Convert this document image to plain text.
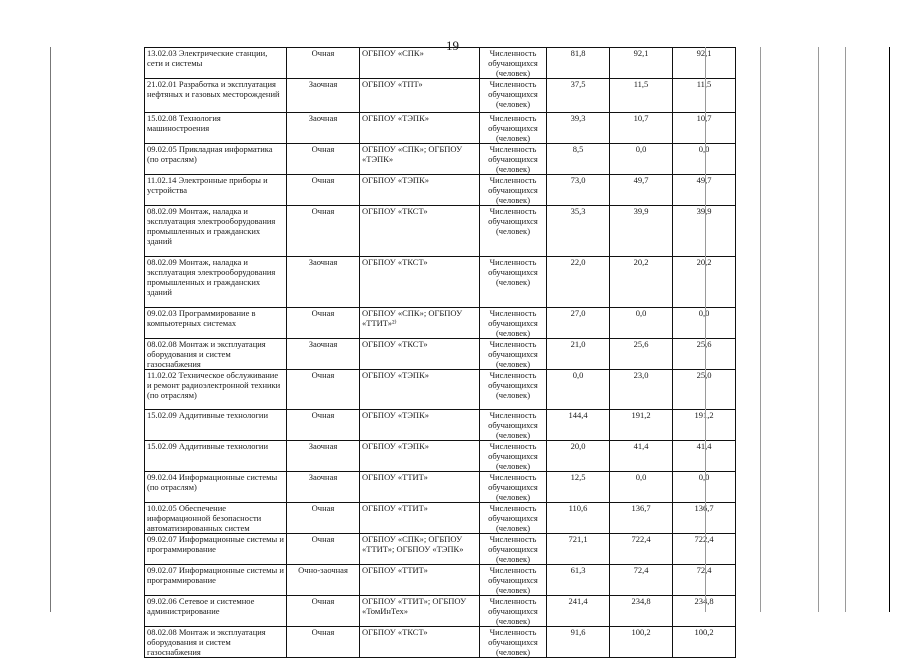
19
13.02.03 Электрические станции, сети и системы	Очная	ОГБПОУ «СПК»	Численность обучающихся (человек)	81,8	92,1	92,1
21.02.01 Разработка и эксплуатация нефтяных и газовых месторождений	Заочная	ОГБПОУ «ТПТ»	Численность обучающихся (человек)	37,5	11,5	11,5
15.02.08 Технология машиностроения	Заочная	ОГБПОУ «ТЭПК»	Численность обучающихся (человек)	39,3	10,7	10,7
09.02.05 Прикладная информатика (по отраслям)	Очная	ОГБПОУ «СПК»; ОГБПОУ «ТЭПК»	Численность обучающихся (человек)	8,5	0,0	0,0
11.02.14 Электронные приборы и устройства	Очная	ОГБПОУ «ТЭПК»	Численность обучающихся (человек)	73,0	49,7	49,7
08.02.09 Монтаж, наладка и эксплуатация электрооборудования промышленных и гражданских зданий	Очная	ОГБПОУ «ТКСТ»	Численность обучающихся (человек)	35,3	39,9	39,9
08.02.09 Монтаж, наладка и эксплуатация электрооборудования промышленных и гражданских зданий	Заочная	ОГБПОУ «ТКСТ»	Численность обучающихся (человек)	22,0	20,2	20,2
09.02.03 Программирование в компьютерных системах	Очная	ОГБПОУ «СПК»; ОГБПОУ «ТТИТ»²⁾	Численность обучающихся (человек)	27,0	0,0	0,0
08.02.08 Монтаж и эксплуатация оборудования и систем газоснабжения	Заочная	ОГБПОУ «ТКСТ»	Численность обучающихся (человек)	21,0	25,6	25,6
11.02.02 Техническое обслуживание и ремонт радиоэлектронной техники (по отраслям)	Очная	ОГБПОУ «ТЭПК»	Численность обучающихся (человек)	0,0	23,0	25,0
15.02.09 Аддитивные технологии	Очная	ОГБПОУ «ТЭПК»	Численность обучающихся (человек)	144,4	191,2	191,2
15.02.09 Аддитивные технологии	Заочная	ОГБПОУ «ТЭПК»	Численность обучающихся (человек)	20,0	41,4	41,4
09.02.04 Информационные системы (по отраслям)	Заочная	ОГБПОУ «ТТИТ»	Численность обучающихся (человек)	12,5	0,0	0,0
10.02.05 Обеспечение информационной безопасности автоматизированных систем	Очная	ОГБПОУ «ТТИТ»	Численность обучающихся (человек)	110,6	136,7	136,7
09.02.07 Информационные системы и программирование	Очная	ОГБПОУ «СПК»; ОГБПОУ «ТТИТ»; ОГБПОУ «ТЭПК»	Численность обучающихся (человек)	721,1	722,4	722,4
09.02.07 Информационные системы и программирование	Очно-заочная	ОГБПОУ «ТТИТ»	Численность обучающихся (человек)	61,3	72,4	72,4
09.02.06 Сетевое и системное администрирование	Очная	ОГБПОУ «ТТИТ»; ОГБПОУ «ТомИнТех»	Численность обучающихся (человек)	241,4	234,8	234,8
08.02.08 Монтаж и эксплуатация оборудования и систем газоснабжения	Очная	ОГБПОУ «ТКСТ»	Численность обучающихся (человек)	91,6	100,2	100,2
